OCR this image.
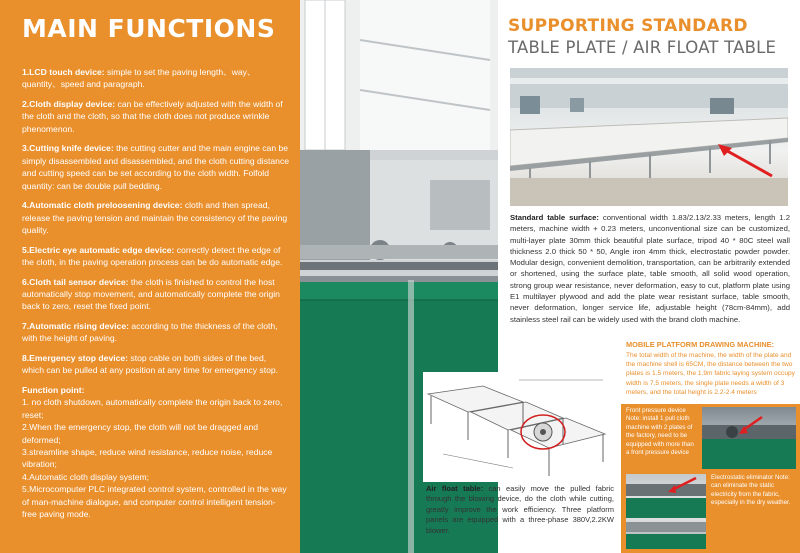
MAIN FUNCTIONS
1.LCD touch device: simple to set the paving length、way、quantity、speed and paragraph.
2.Cloth display device: can be effectively adjusted with the width of the cloth and the cloth, so that the cloth does not produce wrinkle phenomenon.
3.Cutting knife device: the cutting cutter and the main engine can be simply disassembled and disassembled, and the cloth cutting distance and cutting speed can be set according to the cloth width. Folfold quantity: can be double pull bedding.
4.Automatic cloth preloosening device: cloth and then spread, release the paving tension and maintain the consistency of the paving quality.
5.Electric eye automatic edge device: correctly detect the edge of the cloth, in the paving operation process can be do automatic edge.
6.Cloth tail sensor device: the cloth is finished to control the host automatically stop movement, and automatically complete the origin back to zero, reset the fixed point.
7.Automatic rising device: according to the thickness of the cloth, with the height of paving.
8.Emergency stop device: stop cable on both sides of the bed, which can be pulled at any position at any time for emergency stop.
Function point:
1. no cloth shutdown, automatically complete the origin back to zero, reset;
2.When the emergency stop, the cloth will not be dragged and deformed;
3.streamline shape, reduce wind resistance, reduce noise, reduce vibration;
4.Automatic cloth display system;
5.Microcomputer PLC integrated control system, controlled in the way of man-machine dialogue, and computer control intelligent tension-free paving mode.
SUPPORTING STANDARD
TABLE PLATE / AIR FLOAT TABLE
Standard table surface: conventional width 1.83/2.13/2.33 meters, length 1.2 meters, machine width + 0.23 meters, unconventional size can be customized, multi-layer plate 30mm thick beautiful plate surface, tripod 40 * 80C steel wall thickness 2.0 thick 50 * 50, Angle iron 4mm thick, electrostatic powder powder. Modular design, convenient demolition, transportation, can be arbitrarily extended or shortened, using the surface plate, table smooth, all solid wood operation, strong group wear resistance, never deformation, easy to cut, platform plate using E1 multilayer plywood and add the plate wear resistant surface, table smooth, never deformation, longer service life, adjustable height (78cm-84mm), add stainless steel rail can be widely used with the brand cloth machine.
MOBILE PLATFORM DRAWING MACHINE:
The total width of the machine, the width of the plate and the machine shell is 65CM, the distance between the two plates is 1.5 meters, the 1.9m fabric laying system occupy width is 7.5 meters, the single plate needs a width of 3 meters, and the total height is 2.2-2.4 meters
Front pressure device Note: install 1 pull cloth machine with 2 plates of the factory, need to be equipped with more than a front pressure device
Electrostatic eliminator Note: can eliminate the static electricity from the fabric, especially in the dry weather.
Air float table: can easily move the pulled fabric through the blowing device, do the cloth while cutting, greatly improve the work efficiency. Three platform panels are equipped with a three-phase 380V,2.2KW blower.
